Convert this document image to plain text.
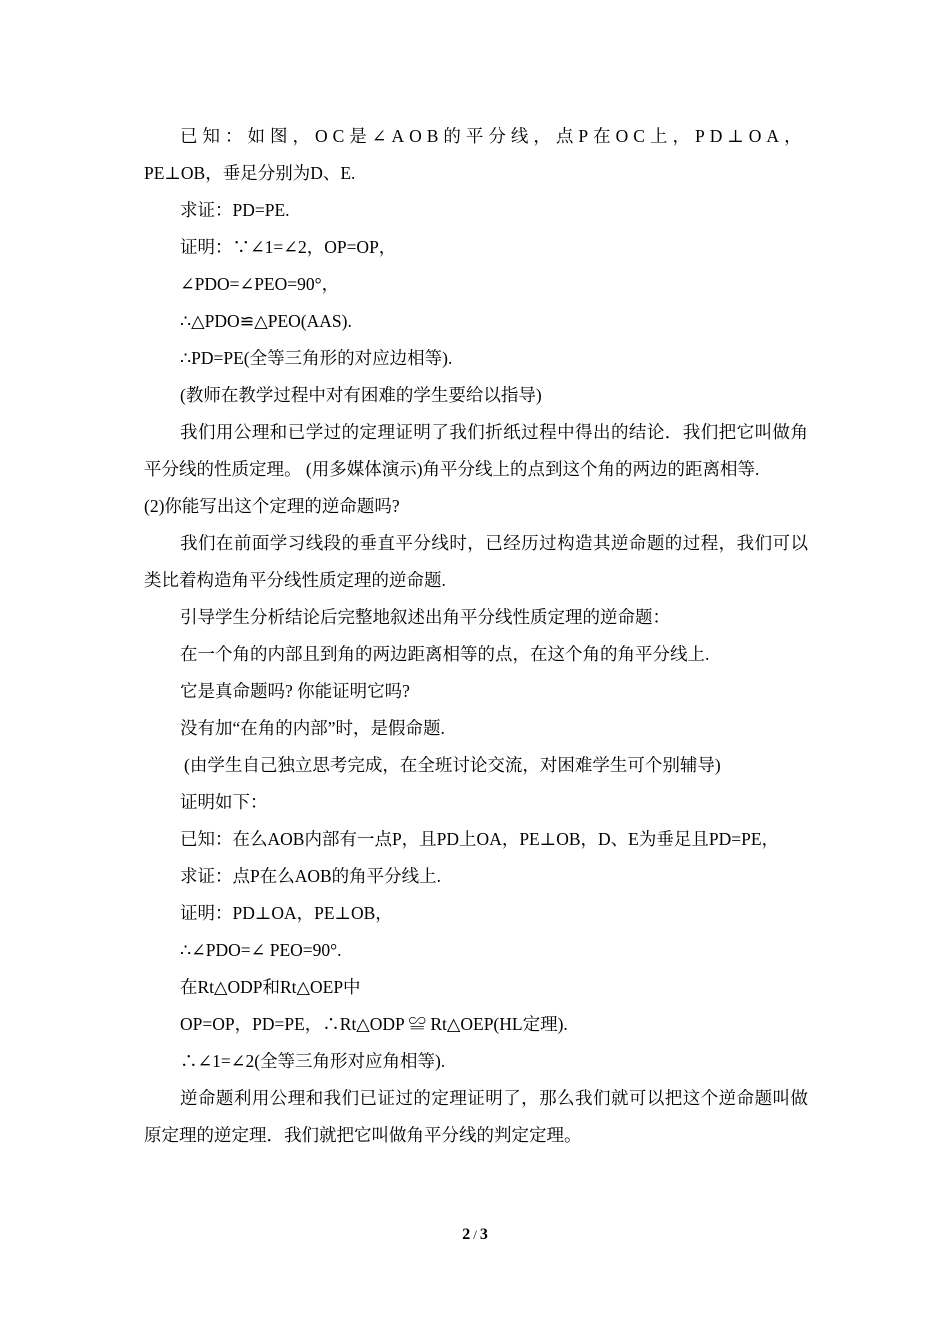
已知：如图，OC是∠AOB的平分线，点P在OC上，PD⊥OA，

PE⊥OB，垂足分别为D、E.

求证：PD=PE.

证明：∵∠1=∠2，OP=OP，

∠PDO=∠PEO=90°，

∴△PDO≌△PEO(AAS).

∴PD=PE(全等三角形的对应边相等).

(教师在教学过程中对有困难的学生要给以指导)

我们用公理和已学过的定理证明了我们折纸过程中得出的结论．我们把它叫做角平分线的性质定理。 (用多媒体演示)角平分线上的点到这个角的两边的距离相等.

(2)你能写出这个定理的逆命题吗?

我们在前面学习线段的垂直平分线时，已经历过构造其逆命题的过程，我们可以类比着构造角平分线性质定理的逆命题.

引导学生分析结论后完整地叙述出角平分线性质定理的逆命题：

在一个角的内部且到角的两边距离相等的点，在这个角的角平分线上.

它是真命题吗? 你能证明它吗?

没有加“在角的内部”时，是假命题.

(由学生自己独立思考完成，在全班讨论交流，对困难学生可个别辅导)

证明如下：

已知：在么AOB内部有一点P，且PD上OA，PE⊥OB，D、E为垂足且PD=PE，

求证：点P在么AOB的角平分线上.

证明：PD⊥OA，PE⊥OB，

∴∠PDO=∠ PEO=90°.

在Rt△ODP和Rt△OEP中

OP=OP，PD=PE，∴Rt△ODP ≌ Rt△OEP(HL定理).

∴∠1=∠2(全等三角形对应角相等).

逆命题利用公理和我们已证过的定理证明了，那么我们就可以把这个逆命题叫做原定理的逆定理．我们就把它叫做角平分线的判定定理。

2 / 3
